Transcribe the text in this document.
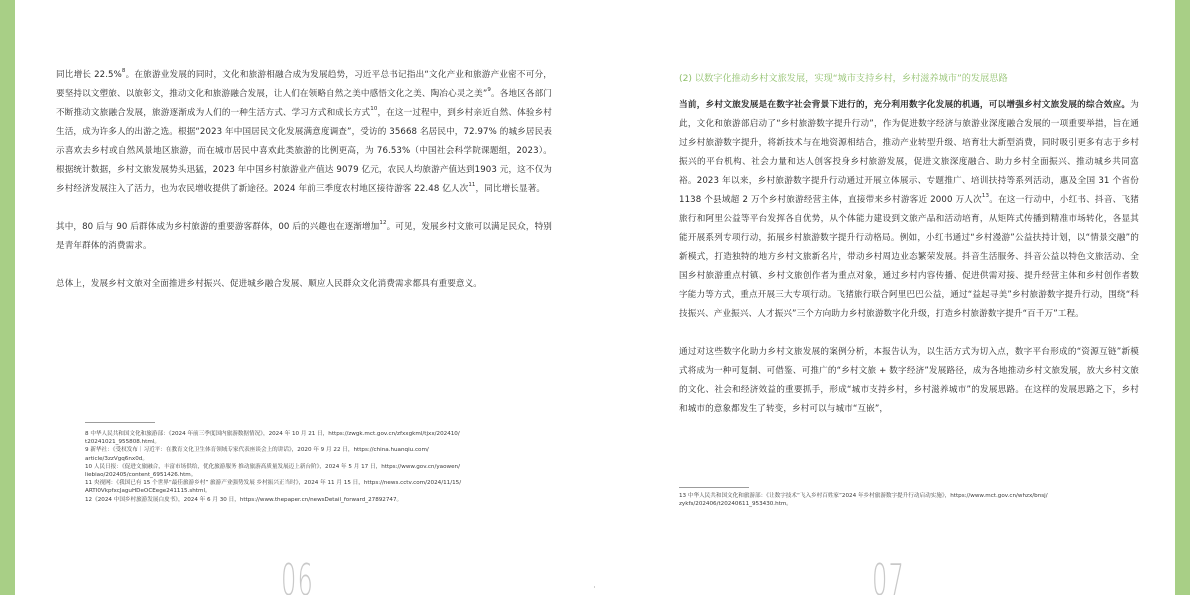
同比增长 22.5%$^8$。在旅游业发展的同时，文化和旅游相融合成为发展趋势，习近平总书记指出“文化产业和旅游产业密不可分，要坚持以文塑旅、以旅彰文，推动文化和旅游融合发展，让人们在领略自然之美中感悟文化之美、陶冶心灵之美”$^9$。各地区各部门不断推动文旅融合发展，旅游逐渐成为人们的一种生活方式、学习方式和成长方式$^{10}$，在这一过程中，到乡村亲近自然、体验乡村生活，成为许多人的出游之选。根据“2023 年中国居民文化发展满意度调查”，受访的 35668 名居民中，72.97% 的城乡居民表示喜欢去乡村或自然风景地区旅游，而在城市居民中喜欢此类旅游的比例更高，为 76.53%（中国社会科学院课题组，2023）。根据统计数据，乡村文旅发展势头迅猛，2023 年中国乡村旅游业产值达 9079 亿元，农民人均旅游产值达到1903 元，这不仅为乡村经济发展注入了活力，也为农民增收提供了新途径。2024 年前三季度农村地区接待游客 22.48 亿人次$^{11}$，同比增长显著。

其中，80 后与 90 后群体成为乡村旅游的重要游客群体，00 后的兴趣也在逐渐增加$^{12}$。可见，发展乡村文旅可以满足民众，特别是青年群体的消费需求。

总体上，发展乡村文旅对全面推进乡村振兴、促进城乡融合发展、顺应人民群众文化消费需求都具有重要意义。

8 中华人民共和国文化和旅游部：《2024 年前三季度国内旅游数据情况》，2024 年 10 月 21 日，https://zwgk.mct.gov.cn/zfxxgkml/tjxx/202410/
t20241021_955808.html。
9 新华社：《受权发布｜习近平：在教育文化卫生体育领域专家代表座谈会上的讲话》，2020 年 9 月 22 日，https://china.huanqiu.com/
article/3zzVgq6nx0d。
10 人民日报：《促进文旅融合，丰富市场供给，优化旅游服务 推动旅游高质量发展迈上新台阶》，2024 年 5 月 17 日，https://www.gov.cn/yaowen/
liebiao/202405/content_6951426.htm。
11 央视网：《我国已有 15 个世界“最佳旅游乡村” 旅游产业强势发展 乡村振兴正当时》，2024 年 11 月 15 日，https://news.cctv.com/2024/11/15/
ARTI0VkpfxcJaguHDeOCEege241115.shtml。
12《2024 中国乡村旅游发展白皮书》，2024 年 6 月 30 日，https://www.thepaper.cn/newsDetail_forward_27892747。
06
(2) 以数字化推动乡村文旅发展，实现“城市支持乡村，乡村滋养城市”的发展思路

当前，乡村文旅发展是在数字社会背景下进行的，充分利用数字化发展的机遇，可以增强乡村文旅发展的综合效应。为此，文化和旅游部启动了“乡村旅游数字提升行动”，作为促进数字经济与旅游业深度融合发展的一项重要举措，旨在通过乡村旅游数字提升，将新技术与在地资源相结合，推动产业转型升级、培育壮大新型消费，同时吸引更多有志于乡村振兴的平台机构、社会力量和达人创客投身乡村旅游发展，促进文旅深度融合、助力乡村全面振兴、推动城乡共同富裕。2023 年以来，乡村旅游数字提升行动通过开展立体展示、专题推广、培训扶持等系列活动，惠及全国 31 个省份 1138 个县域超 2 万个乡村旅游经营主体，直接带来乡村游客近 2000 万人次$^{13}$。在这一行动中，小红书、抖音、飞猪旅行和阿里公益等平台发挥各自优势，从个体能力建设到文旅产品和活动培育，从矩阵式传播到精准市场转化，各显其能开展系列专项行动，拓展乡村旅游数字提升行动格局。例如，小红书通过“乡村漫游”公益扶持计划，以“情景交融”的新模式，打造独特的地方乡村文旅新名片，带动乡村周边业态繁荣发展。抖音生活服务、抖音公益以特色文旅活动、全国乡村旅游重点村镇、乡村文旅创作者为重点对象，通过乡村内容传播、促进供需对接、提升经营主体和乡村创作者数字能力等方式，重点开展三大专项行动。飞猪旅行联合阿里巴巴公益，通过“益起寻美”乡村旅游数字提升行动，围绕“科技振兴、产业振兴、人才振兴”三个方向助力乡村旅游数字化升级，打造乡村旅游数字提升“百千万”工程。

通过对这些数字化助力乡村文旅发展的案例分析，本报告认为，以生活方式为切入点，数字平台形成的“资源互链”新模式将成为一种可复制、可借鉴、可推广的“乡村文旅 + 数字经济”发展路径，成为各地推动乡村文旅发展，放大乡村文旅的文化、社会和经济效益的重要抓手，形成“城市支持乡村，乡村滋养城市”的发展思路。在这样的发展思路之下，乡村和城市的意象都发生了转变，乡村可以与城市“互嵌”，

13 中华人民共和国文化和旅游部：《让数字技术“飞入乡村百姓家”2024 年乡村旅游数字提升行动启动实施》，https://www.mct.gov.cn/whzx/bnsj/
zykfs/202406/t20240611_953430.htm。
07
